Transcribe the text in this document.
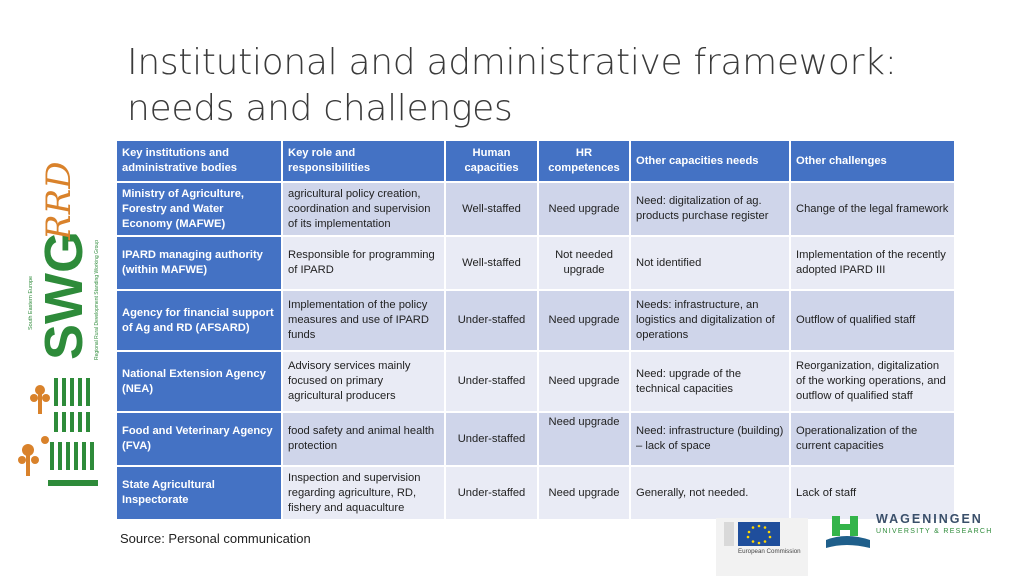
Institutional and administrative framework:
needs and challenges
SWG
South Eastern Europe	Regional Rural Development Standing Working Group
RRD
Key institutions and administrative bodies	Key role and responsibilities	Human capacities	HR competences	Other capacities needs	Other challenges
Ministry of Agriculture, Forestry and Water Economy (MAFWE)	agricultural policy creation, coordination and supervision of its implementation	Well-staffed	Need upgrade	Need: digitalization of ag. products purchase register	Change of the legal framework
IPARD managing authority (within MAFWE)	Responsible for programming of IPARD	Well-staffed	Not needed upgrade	Not identified	Implementation of the recently adopted IPARD III
Agency for financial support of Ag and RD (AFSARD)	Implementation of the policy measures and use of IPARD funds	Under-staffed	Need upgrade	Needs: infrastructure, an logistics and digitalization of operations	Outflow of qualified staff
National Extension Agency (NEA)	Advisory services mainly focused on primary agricultural producers	Under-staffed	Need upgrade	Need: upgrade of the technical capacities	Reorganization, digitalization of the working operations, and outflow of qualified staff
Food and Veterinary Agency (FVA)	food safety and animal health protection	Under-staffed	Need upgrade	Need: infrastructure (building) – lack of space	Operationalization of the current capacities
State Agricultural Inspectorate	Inspection and supervision regarding agriculture, RD, fishery and aquaculture	Under-staffed	Need upgrade	Generally, not needed.	Lack of staff
Source: Personal communication
European Commission
WAGENINGEN
UNIVERSITY & RESEARCH
